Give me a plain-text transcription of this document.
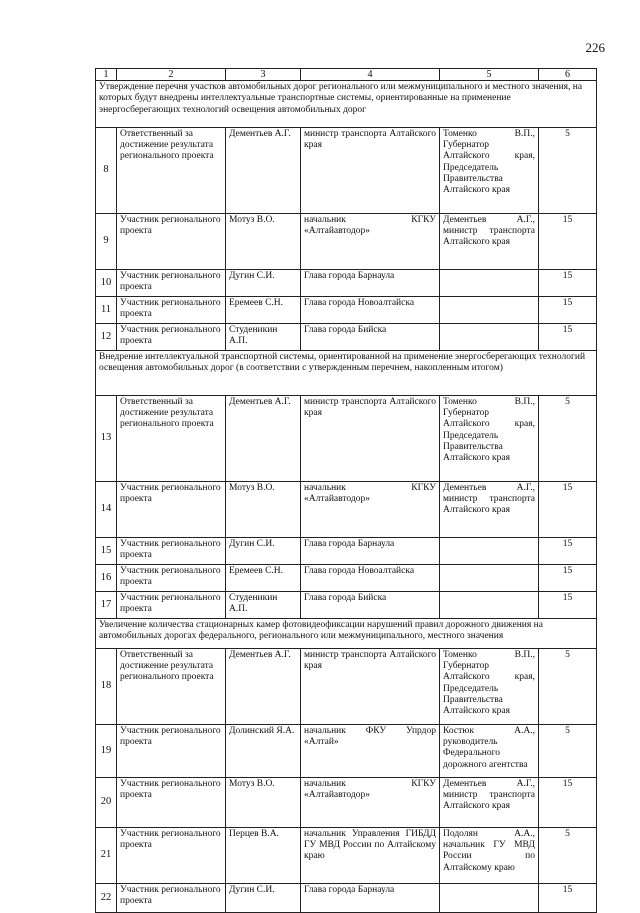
226
1	2	3	4	5	6
Утверждение перечня участков автомобильных дорог регионального или межмуниципального и местного значения, на которых будут внедрены интеллектуальные транспортные системы, ориентированные на применение энергосберегающих технологий освещения автомобильных дорог					
8	Ответственный за достижение результата регионального проекта	Дементьев А.Г.	министр транспорта Алтайского края	Томенко В.П., Губернатор Алтайского края, Председатель Правительства Алтайского края	5
9	Участник регионального проекта	Мотуз В.О.	начальник КГКУ «Алтайавтодор»	Дементьев А.Г., министр транспорта Алтайского края	15
10	Участник регионального проекта	Дугин С.И.	Глава города Барнаула		15
11	Участник регионального проекта	Еремеев С.Н.	Глава города Новоалтайска		15
12	Участник регионального проекта	Студеникин А.П.	Глава города Бийска		15
Внедрение интеллектуальной транспортной системы, ориентированной на применение энергосберегающих технологий освещения автомобильных дорог (в соответствии с утвержденным перечнем, накопленным итогом)					
13	Ответственный за достижение результата регионального проекта	Дементьев А.Г.	министр транспорта Алтайского края	Томенко В.П., Губернатор Алтайского края, Председатель Правительства Алтайского края	5
14	Участник регионального проекта	Мотуз В.О.	начальник КГКУ «Алтайавтодор»	Дементьев А.Г., министр транспорта Алтайского края	15
15	Участник регионального проекта	Дугин С.И.	Глава города Барнаула		15
16	Участник регионального проекта	Еремеев С.Н.	Глава города Новоалтайска		15
17	Участник регионального проекта	Студеникин А.П.	Глава города Бийска		15
Увеличение количества стационарных камер фотовидеофиксации нарушений правил дорожного движения на автомобильных дорогах федерального, регионального или межмуниципального, местного значения					
18	Ответственный за достижение результата регионального проекта	Дементьев А.Г.	министр транспорта Алтайского края	Томенко В.П., Губернатор Алтайского края, Председатель Правительства Алтайского края	5
19	Участник регионального проекта	Долинский Я.А.	начальник ФКУ Упрдор «Алтай»	Костюк А.А., руководитель Федерального дорожного агентства	5
20	Участник регионального проекта	Мотуз В.О.	начальник КГКУ «Алтайавтодор»	Дементьев А.Г., министр транспорта Алтайского края	15
21	Участник регионального проекта	Перцев В.А.	начальник Управления ГИБДД ГУ МВД России по Алтайскому краю	Подолян А.А., начальник ГУ МВД России по Алтайскому краю	5
22	Участник регионального проекта	Дугин С.И.	Глава города Барнаула		15
